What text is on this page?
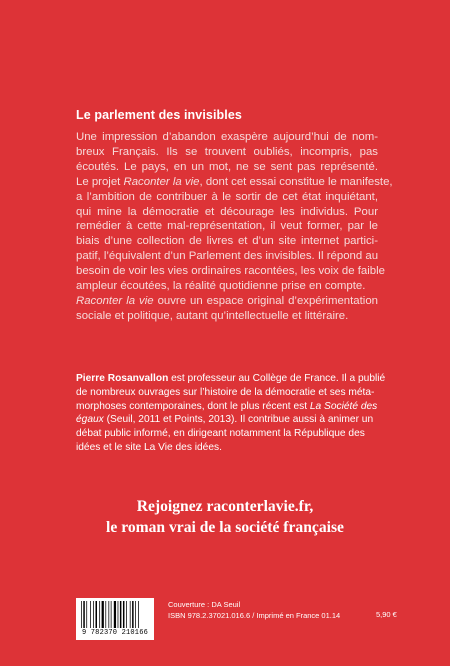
Le parlement des invisibles
Une impression d’abandon exaspère aujourd’hui de nom-
breux Français. Ils se trouvent oubliés, incompris, pas
écoutés. Le pays, en un mot, ne se sent pas représenté.
Le projet Raconter la vie, dont cet essai constitue le manifeste,
a l’ambition de contribuer à le sortir de cet état inquiétant,
qui mine la démocratie et décourage les individus. Pour
remédier à cette mal-représentation, il veut former, par le
biais d’une collection de livres et d’un site internet partici-
patif, l’équivalent d’un Parlement des invisibles. Il répond au
besoin de voir les vies ordinaires racontées, les voix de faible
ampleur écoutées, la réalité quotidienne prise en compte.
Raconter la vie ouvre un espace original d’expérimentation
sociale et politique, autant qu’intellectuelle et littéraire.
Pierre Rosanvallon est professeur au Collège de France. Il a publié
de nombreux ouvrages sur l’histoire de la démocratie et ses méta-
morphoses contemporaines, dont le plus récent est La Société des
égaux (Seuil, 2011 et Points, 2013). Il contribue aussi à animer un
débat public informé, en dirigeant notamment la République des
idées et le site La Vie des idées.
Rejoignez raconterlavie.fr,
le roman vrai de la société française
9 782370 210166
Couverture : DA Seuil
ISBN 978.2.37021.016.6 / Imprimé en France 01.14	5,90 €
